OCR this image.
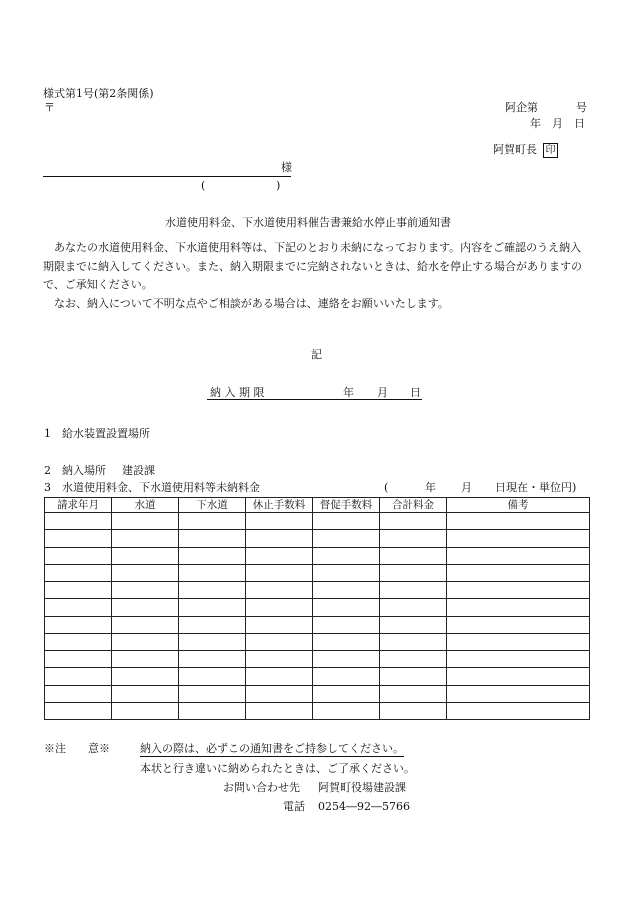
様式第1号(第2条関係)
〒	阿企第	号
年　月　日
阿賀町長 印
様
(	)
水道使用料金、下水道使用料催告書兼給水停止事前通知書

あなたの水道使用料金、下水道使用料等は、下記のとおり未納になっております。内容をご確認のうえ納入期限までに納入してください。また、納入期限までに完納されないときは、給水を停止する場合がありますので、ご承知ください。

なお、納入について不明な点やご相談がある場合は、連絡をお願いいたします。

記
納 入 期 限	年 月 日
1　給水装置設置場所
2　納入場所 建設課
3　水道使用料金、下水道使用料等未納料金	(	年 月 日現在・単位円)
請求年月	水道	下水道	休止手数料	督促手数料	合計料金	備考

※注　　意※	納入の際は、必ずこの通知書をご持参してください。
本状と行き違いに納められたときは、ご了承ください。
お問い合わせ先 阿賀町役場建設課
電話 0254―92―5766
